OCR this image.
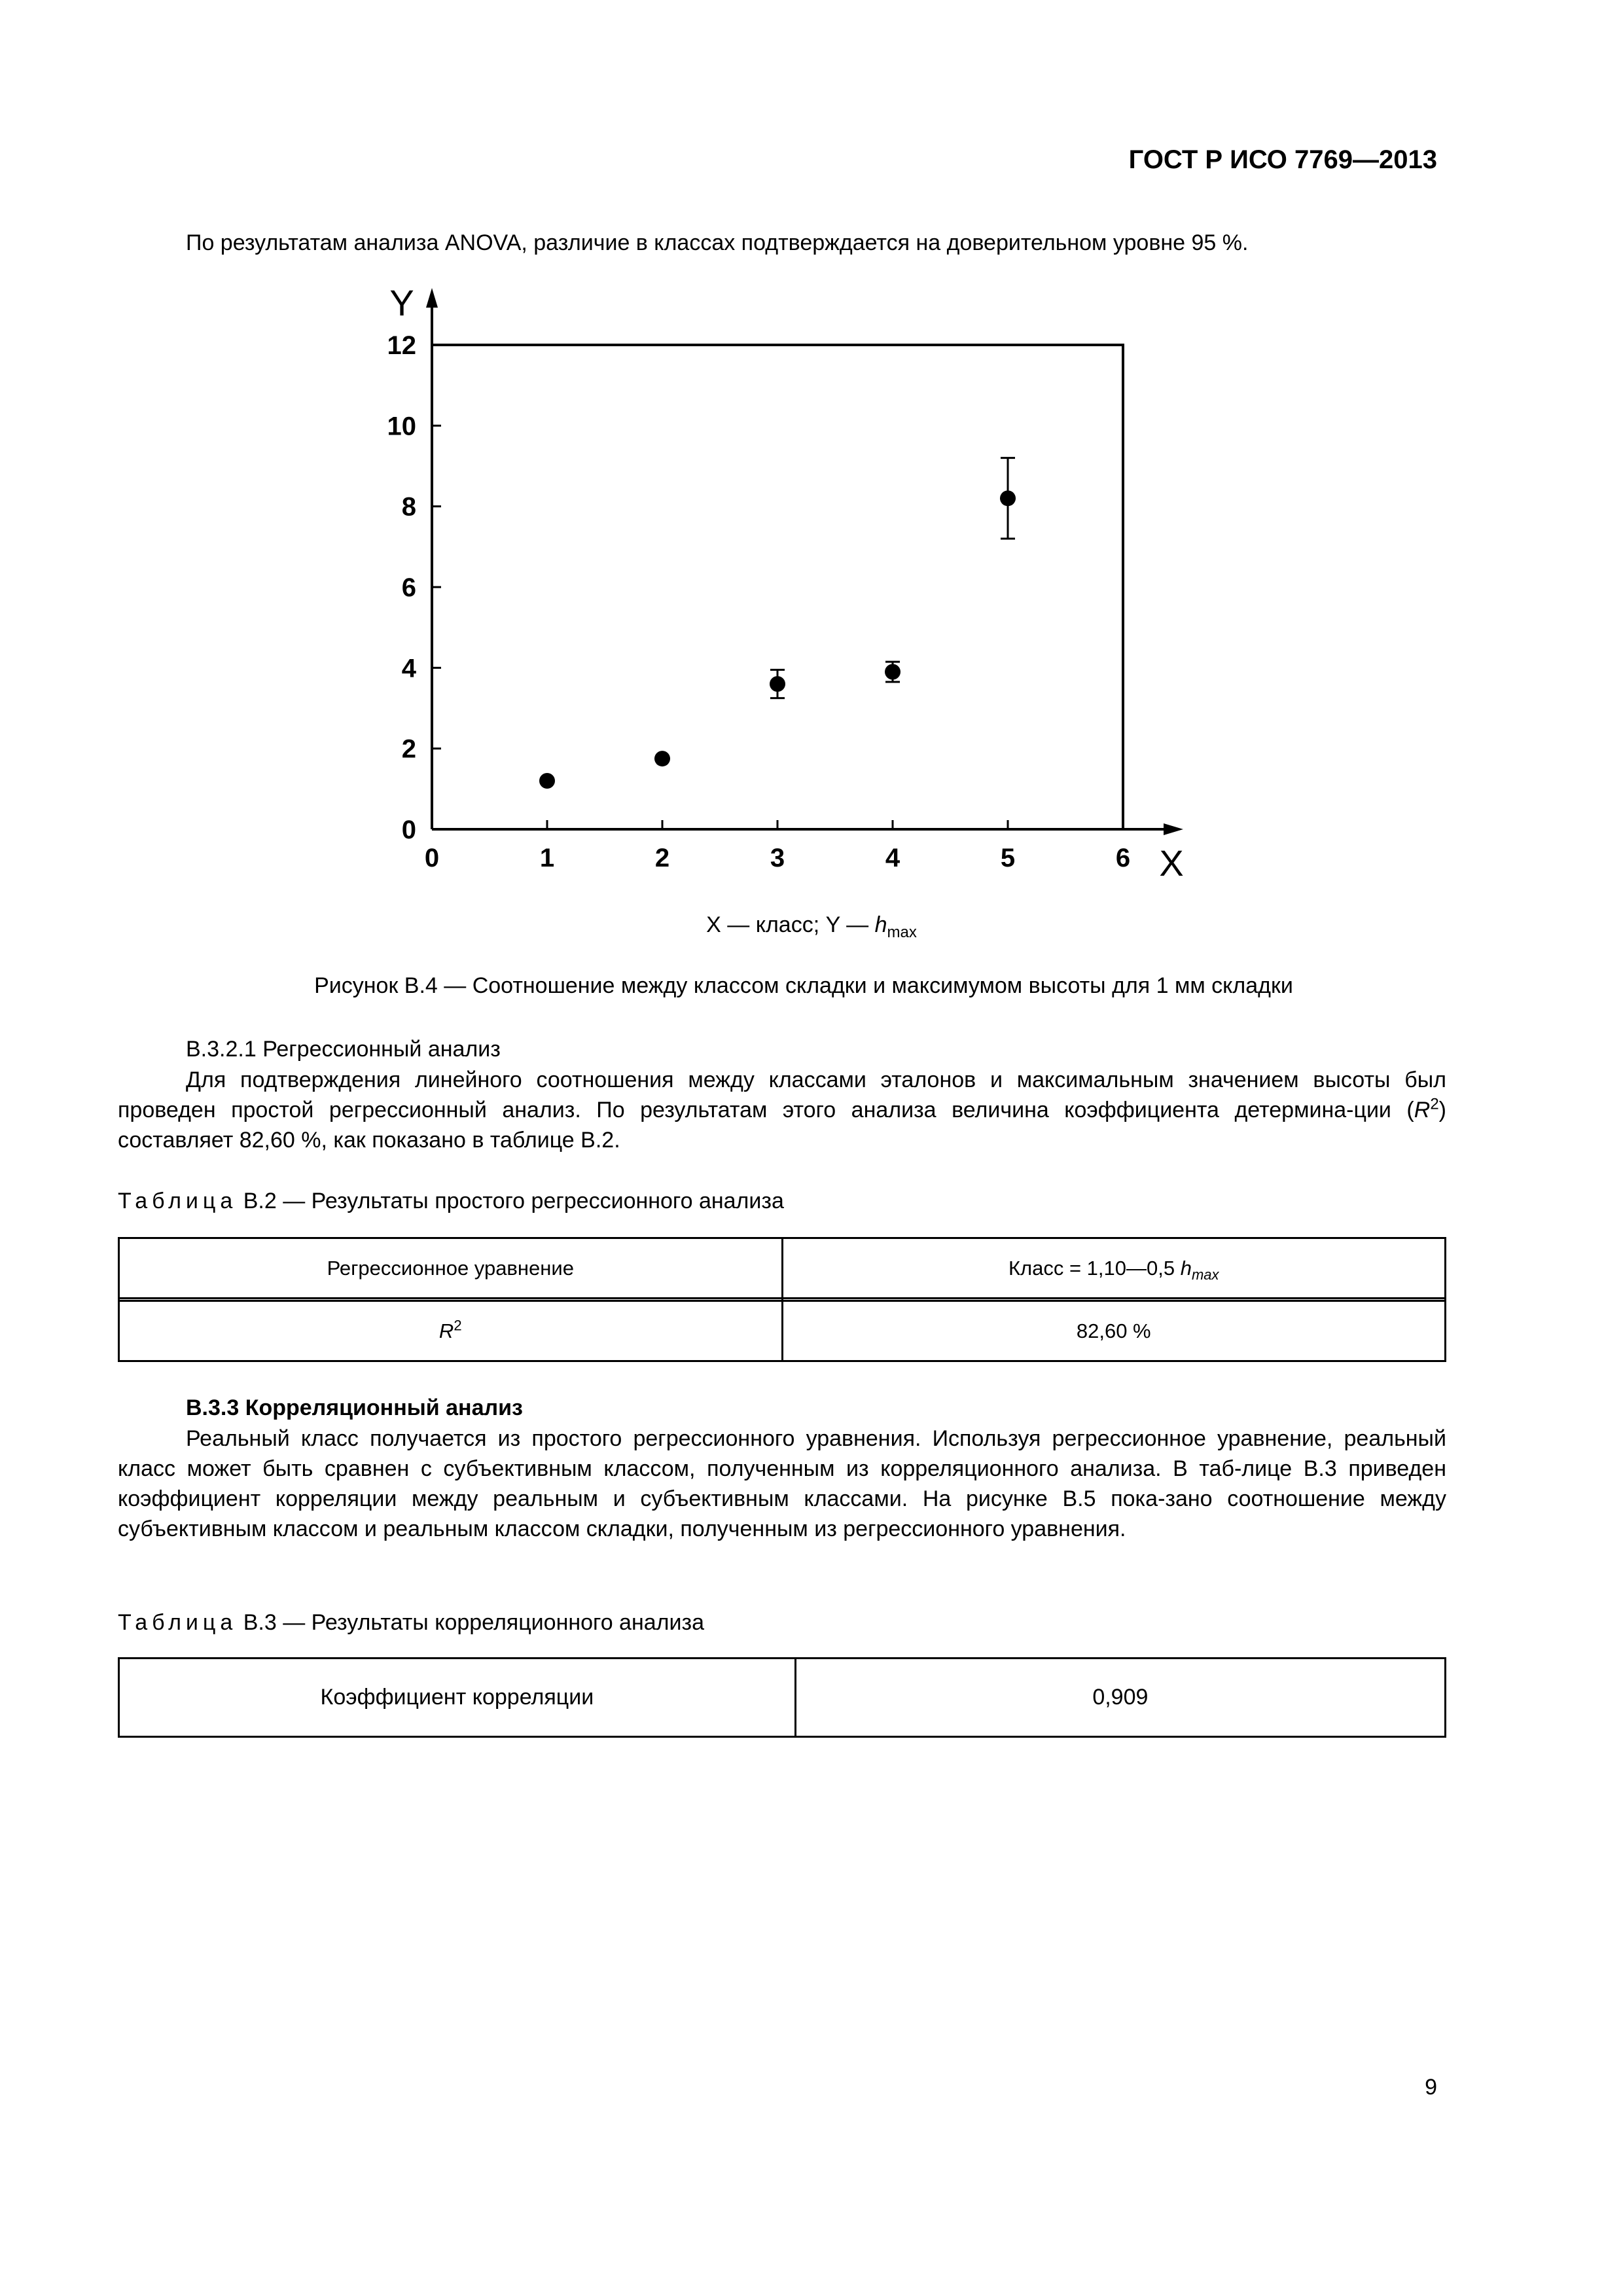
ГОСТ Р ИСО 7769—2013
По результатам анализа ANOVA, различие в классах подтверждается на доверительном уровне 95 %.
0	1	2	3	4	5	6
0
2
4
6
8
10
12
X
Y
X — класс; Y — $h_{max}$
Рисунок В.4 — Соотношение между классом складки и максимумом высоты для 1 мм складки
В.3.2.1 Регрессионный анализ
Для подтверждения линейного соотношения между классами эталонов и максимальным значением высоты был проведен простой регрессионный анализ. По результатам этого анализа величина коэффициента детермина-ции $(R^2)$ составляет 82,60 %, как показано в таблице В.2.
Таблица В.2 — Результаты простого регрессионного анализа
Регрессионное уравнение	Класс = 1,10—0,5 $h_{max}$

$R^2$	82,60 %
В.3.3 Корреляционный анализ
Реальный класс получается из простого регрессионного уравнения. Используя регрессионное уравнение, реальный класс может быть сравнен с субъективным классом, полученным из корреляционного анализа. В таб-лице В.3 приведен коэффициент корреляции между реальным и субъективным классами. На рисунке В.5 пока-зано соотношение между субъективным классом и реальным классом складки, полученным из регрессионного уравнения.
Таблица В.3 — Результаты корреляционного анализа
Коэффициент корреляции	0,909
9
